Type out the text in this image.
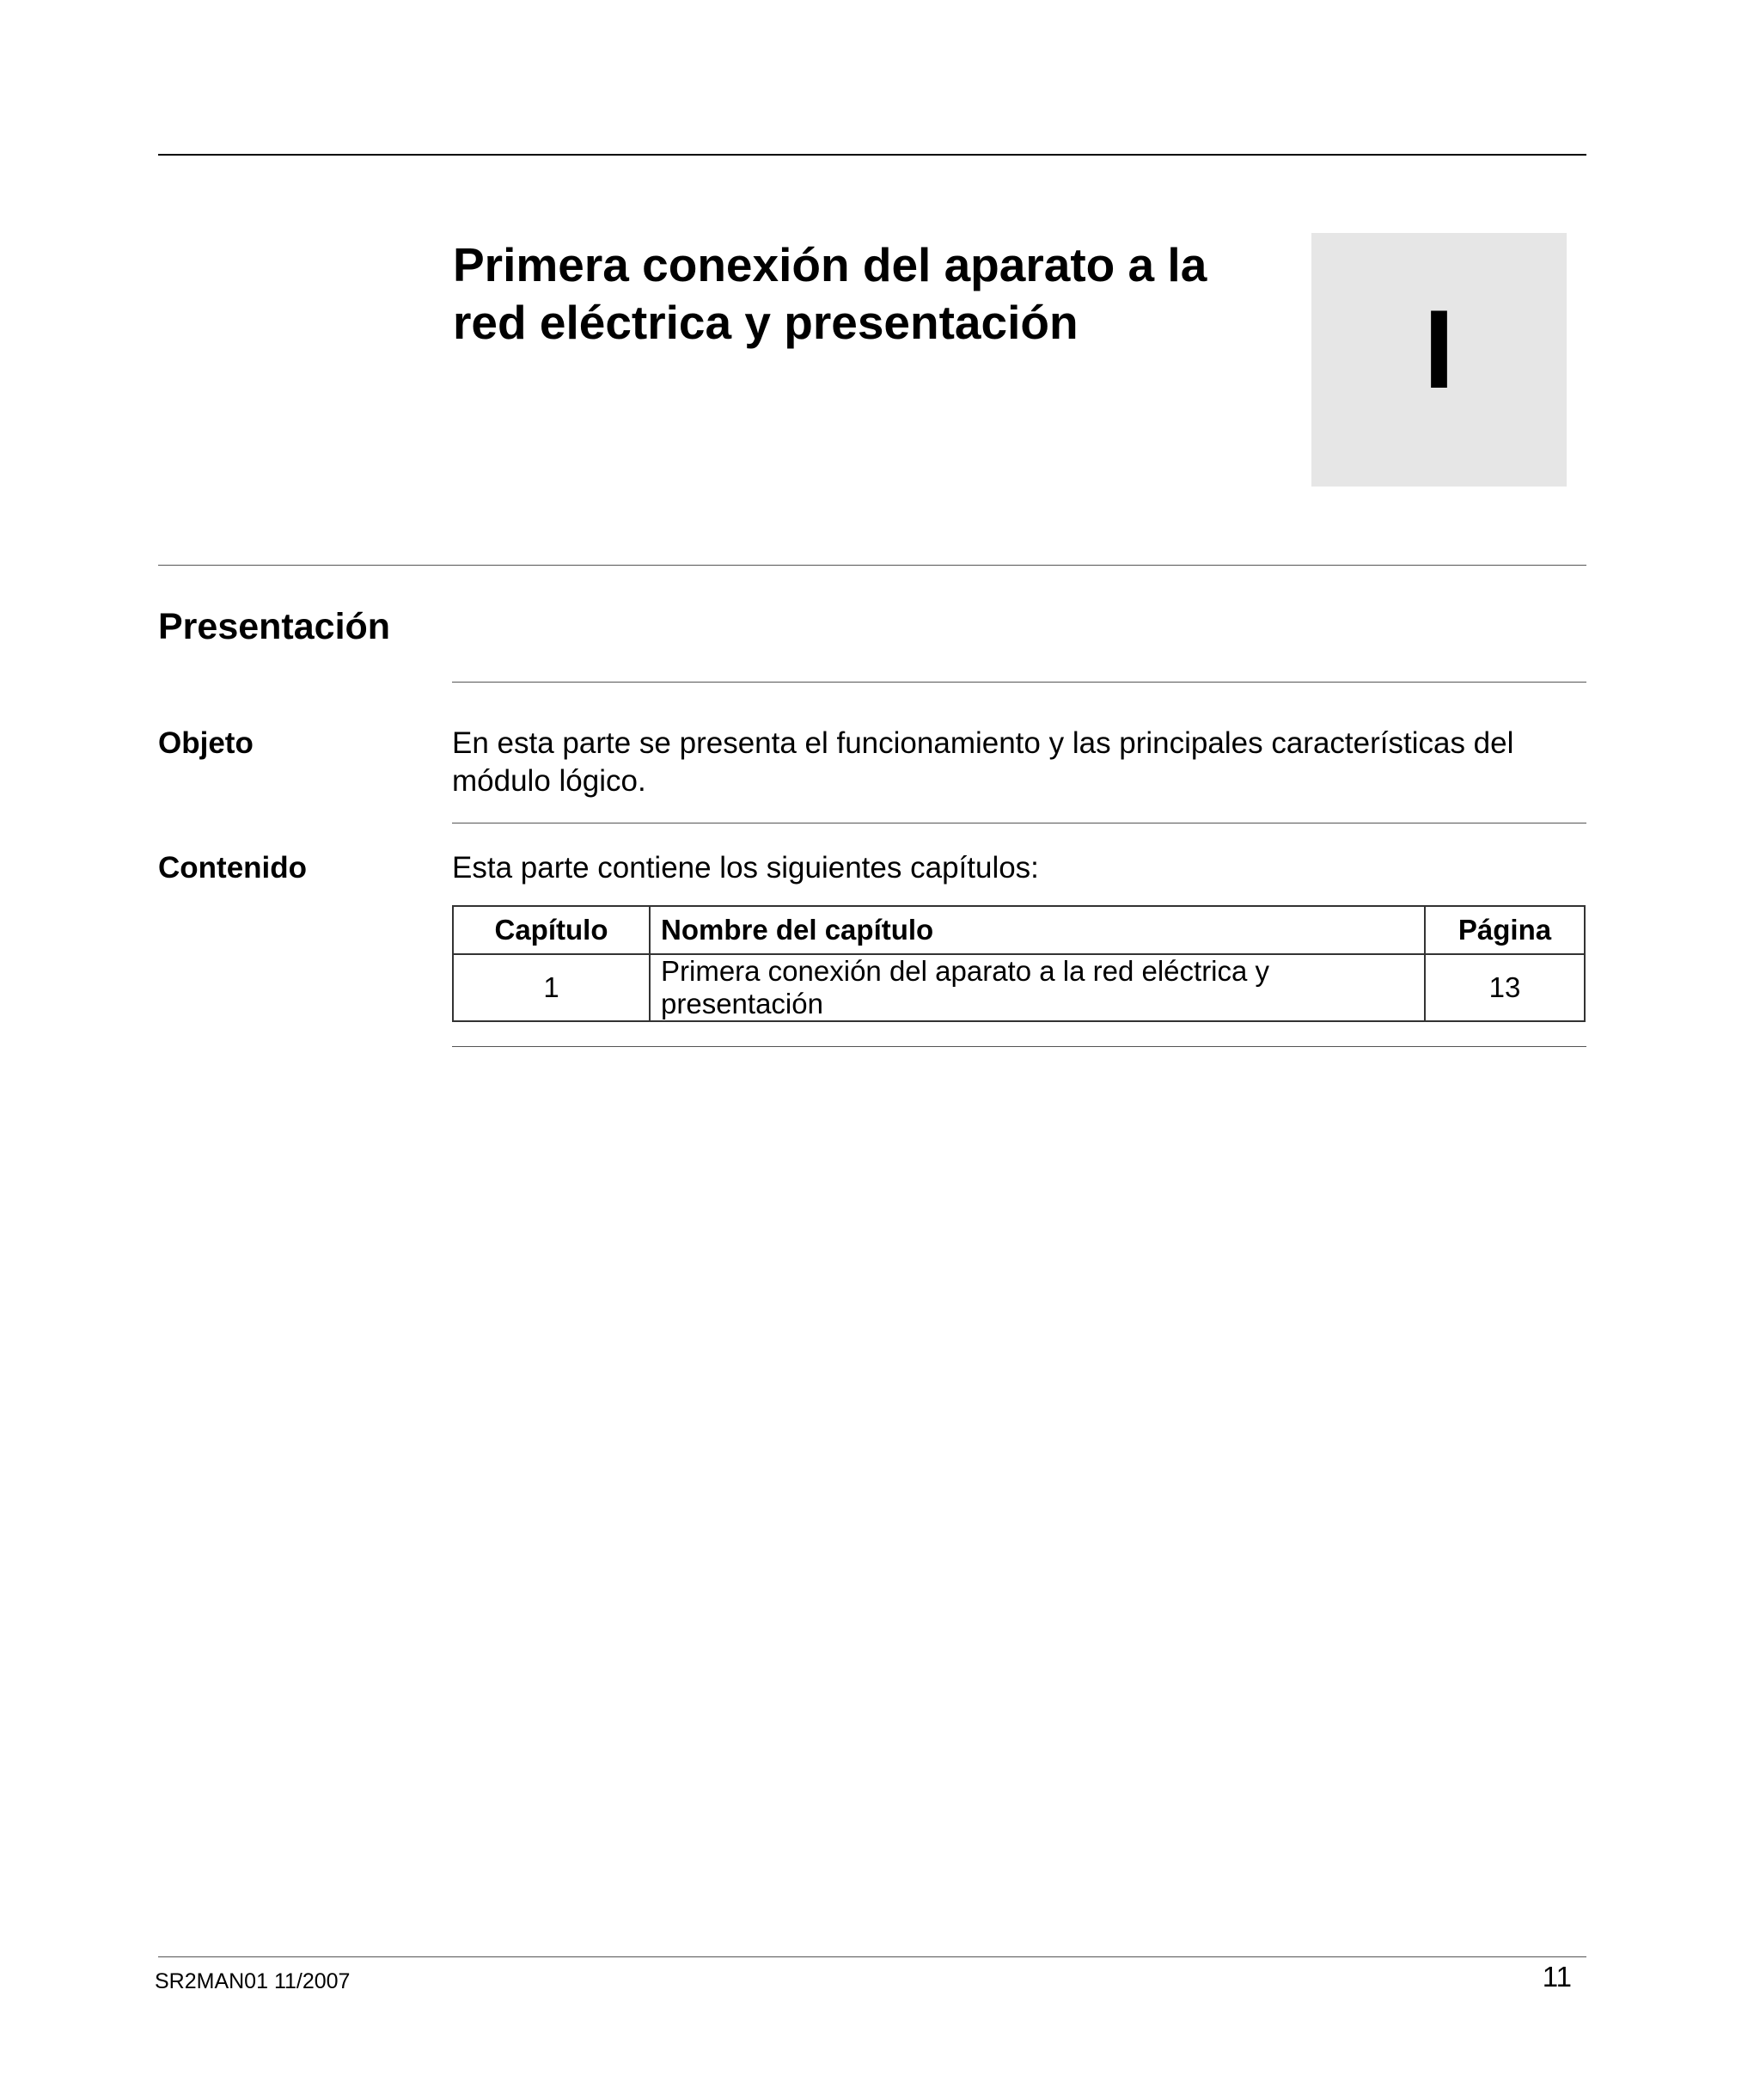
Primera conexión del aparato a la
red eléctrica y presentación	I
Presentación
Objeto	En esta parte se presenta el funcionamiento y las principales características del
módulo lógico.
Contenido	Esta parte contiene los siguientes capítulos:
Capítulo	Nombre del capítulo	Página
1	Primera conexión del aparato a la red eléctrica y presentación	13
SR2MAN01 11/2007	11
